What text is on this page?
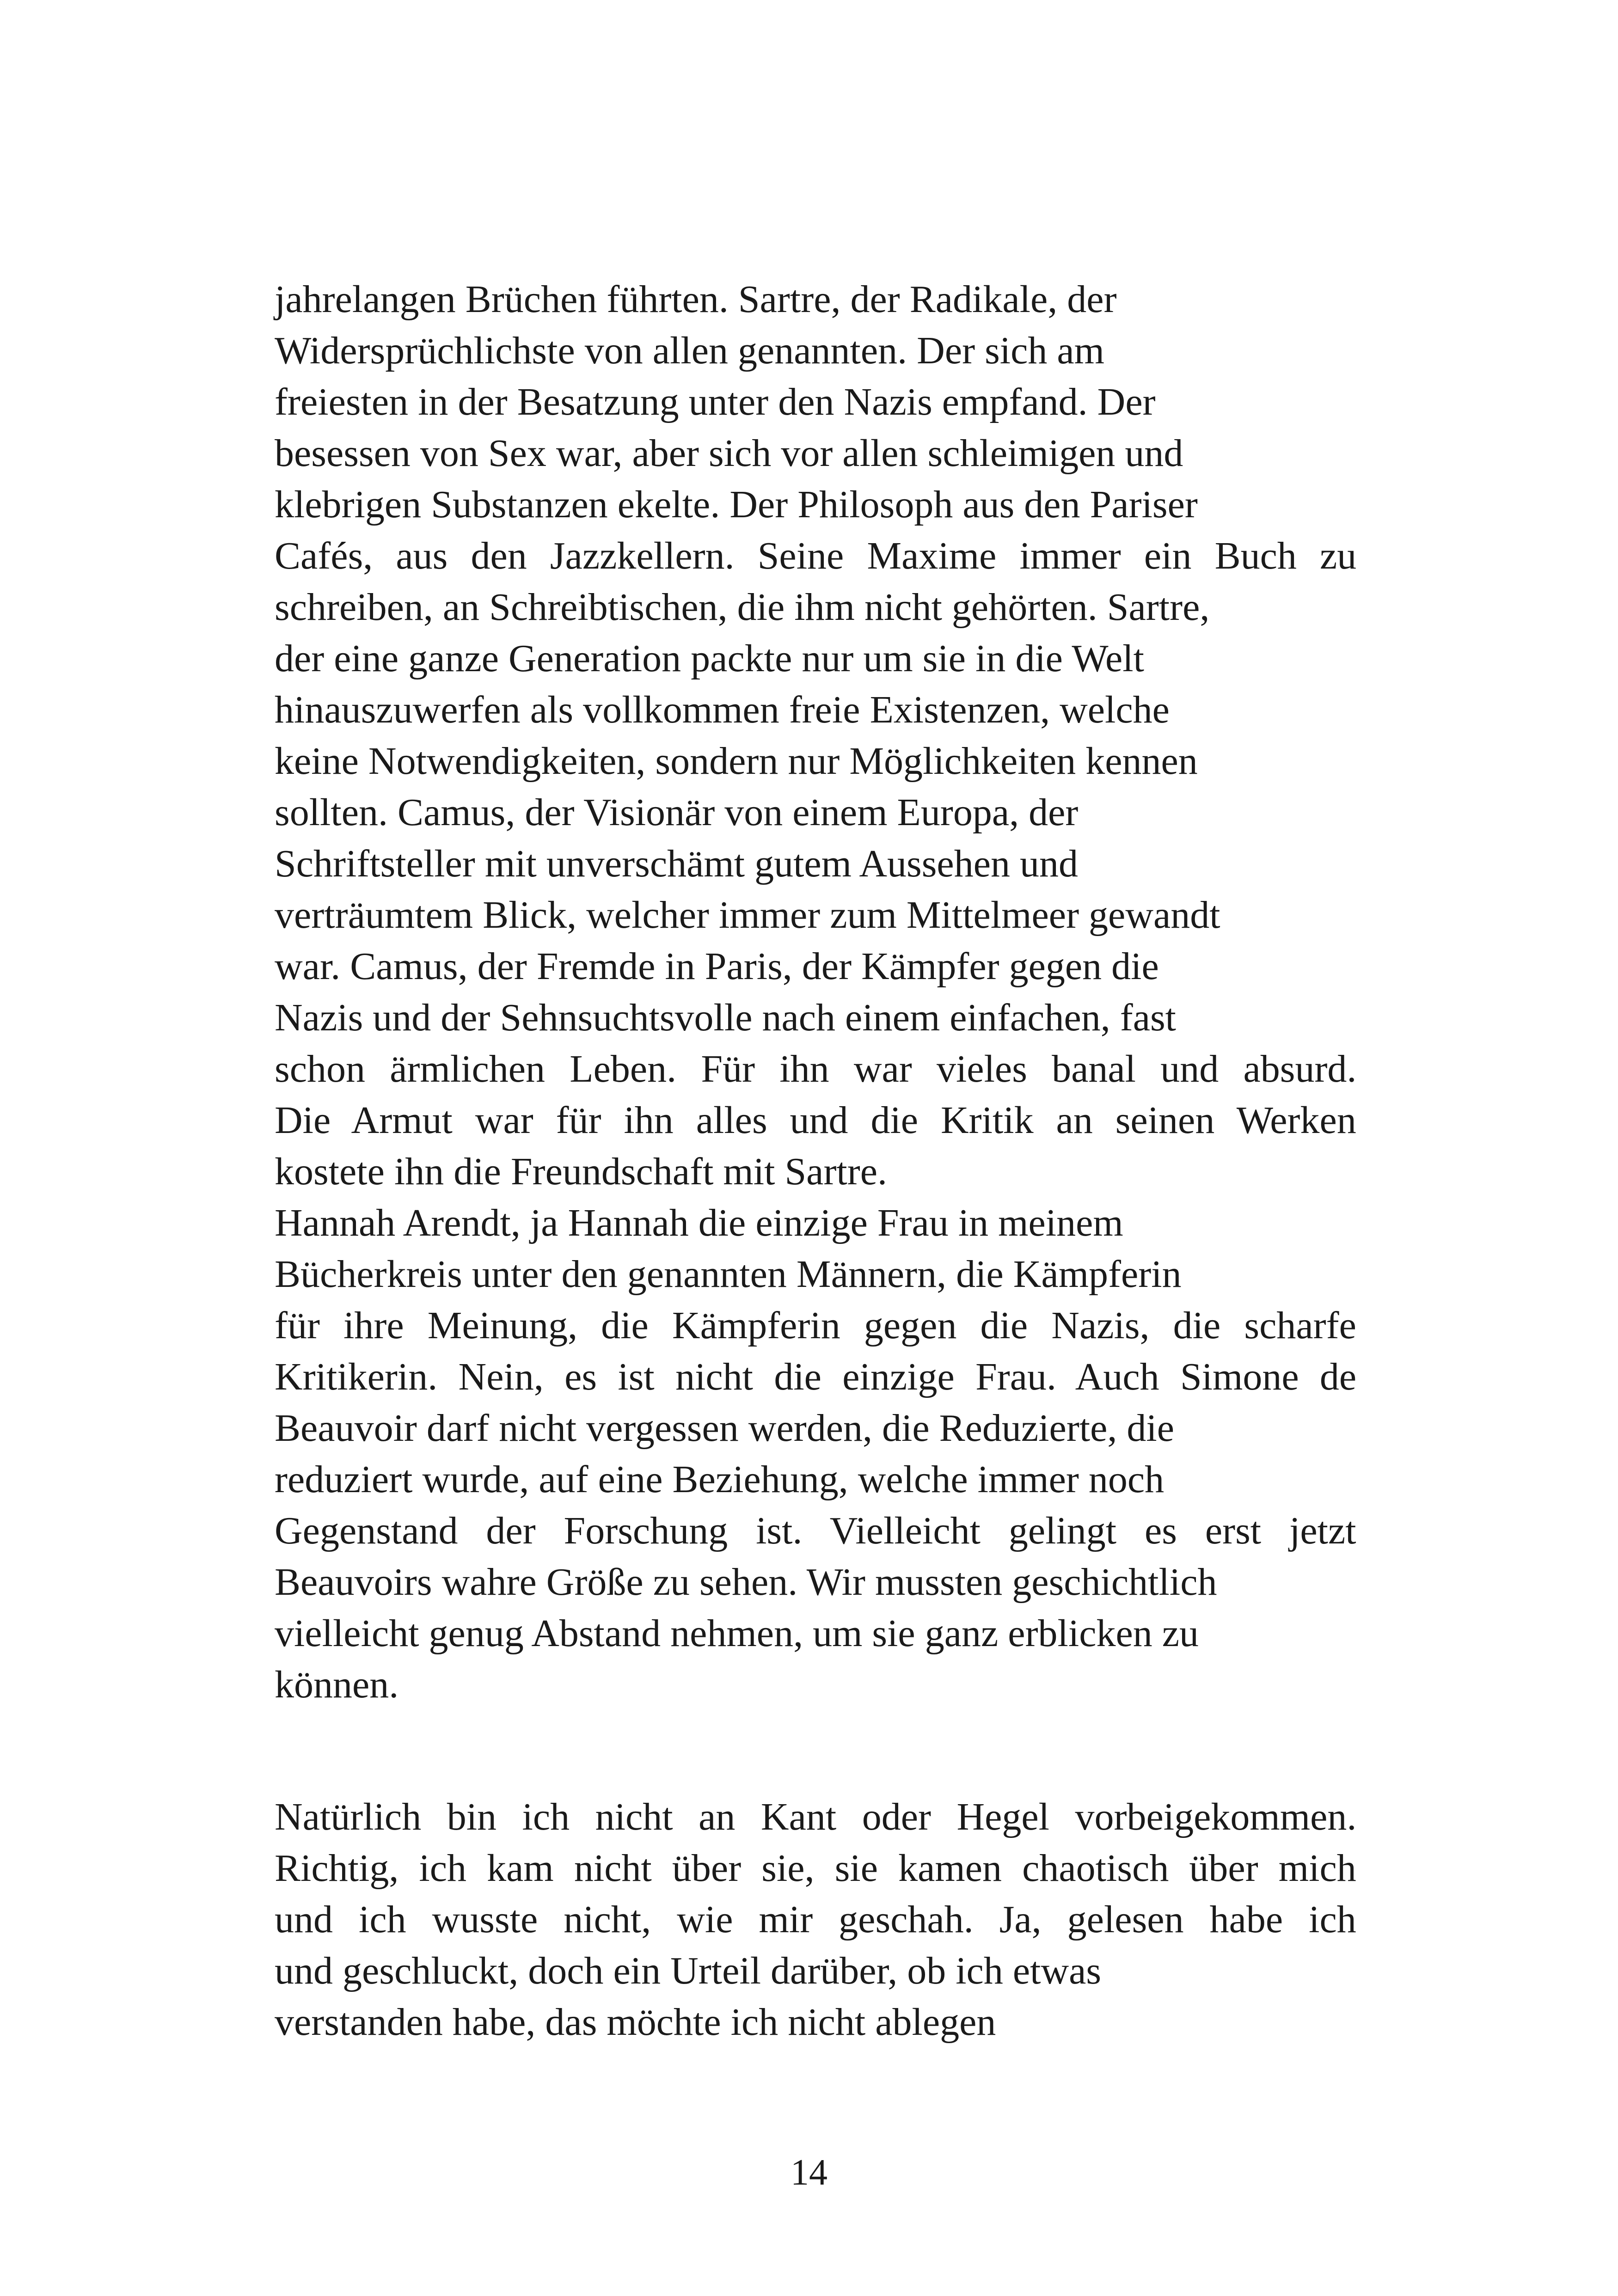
jahrelangen Brüchen führten. Sartre, der Radikale, der
Widersprüchlichste von allen genannten. Der sich am
freiesten in der Besatzung unter den Nazis empfand. Der
besessen von Sex war, aber sich vor allen schleimigen und
klebrigen Substanzen ekelte. Der Philosoph aus den Pariser
Cafés, aus den Jazzkellern. Seine Maxime immer ein Buch zu
schreiben, an Schreibtischen, die ihm nicht gehörten. Sartre,
der eine ganze Generation packte nur um sie in die Welt
hinauszuwerfen als vollkommen freie Existenzen, welche
keine Notwendigkeiten, sondern nur Möglichkeiten kennen
sollten. Camus, der Visionär von einem Europa, der
Schriftsteller mit unverschämt gutem Aussehen und
verträumtem Blick, welcher immer zum Mittelmeer gewandt
war. Camus, der Fremde in Paris, der Kämpfer gegen die
Nazis und der Sehnsuchtsvolle nach einem einfachen, fast
schon ärmlichen Leben. Für ihn war vieles banal und absurd.
Die Armut war für ihn alles und die Kritik an seinen Werken
kostete ihn die Freundschaft mit Sartre.
Hannah Arendt, ja Hannah die einzige Frau in meinem
Bücherkreis unter den genannten Männern, die Kämpferin
für ihre Meinung, die Kämpferin gegen die Nazis, die scharfe
Kritikerin. Nein, es ist nicht die einzige Frau. Auch Simone de
Beauvoir darf nicht vergessen werden, die Reduzierte, die
reduziert wurde, auf eine Beziehung, welche immer noch
Gegenstand der Forschung ist. Vielleicht gelingt es erst jetzt
Beauvoirs wahre Größe zu sehen. Wir mussten geschichtlich
vielleicht genug Abstand nehmen, um sie ganz erblicken zu
können.
Natürlich bin ich nicht an Kant oder Hegel vorbeigekommen.
Richtig, ich kam nicht über sie, sie kamen chaotisch über mich
und ich wusste nicht, wie mir geschah. Ja, gelesen habe ich
und geschluckt, doch ein Urteil darüber, ob ich etwas
verstanden habe, das möchte ich nicht ablegen
14
